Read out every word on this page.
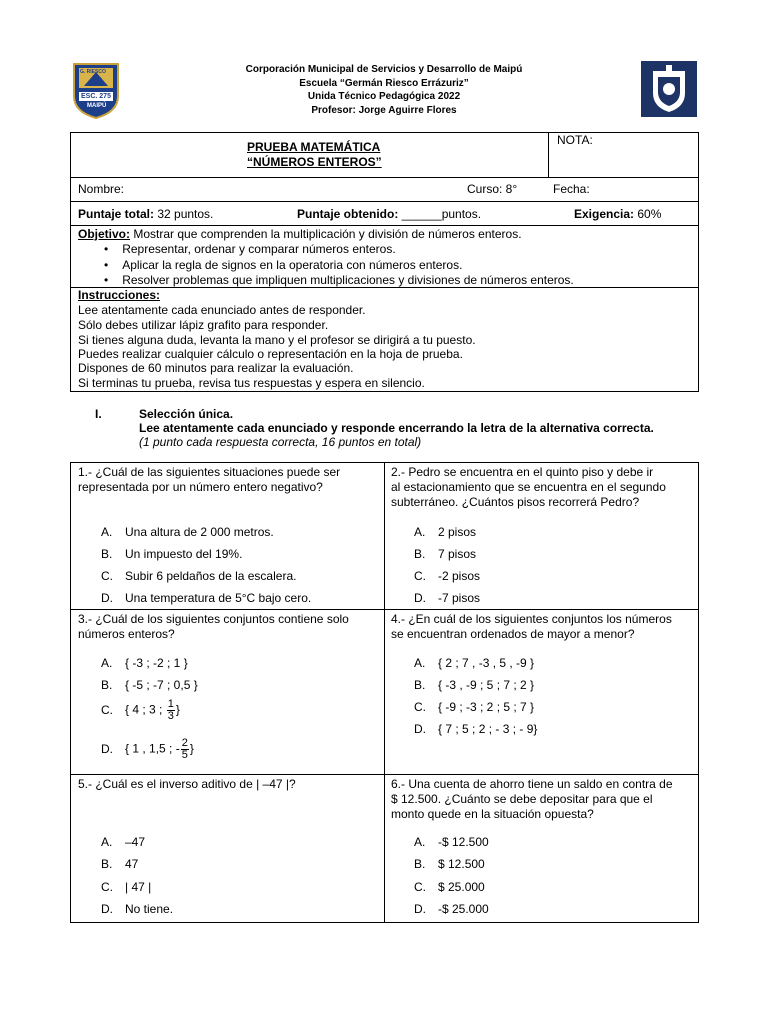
G. RIESCO
ESC. 275
MAIPÚ
Corporación Municipal de Servicios y Desarrollo de Maipú
Escuela “Germán Riesco Errázuriz”
Unida Técnico Pedagógica 2022
Profesor: Jorge Aguirre Flores
PRUEBA MATEMÁTICA
“NÚMEROS ENTEROS”
NOTA:
Nombre:	Curso: 8°	Fecha:
Puntaje total: 32 puntos.	Puntaje obtenido: ______puntos.	Exigencia: 60%
Objetivo: Mostrar que comprenden la multiplicación y división de números enteros.
• Representar, ordenar y comparar números enteros.
• Aplicar la regla de signos en la operatoria con números enteros.
• Resolver problemas que impliquen multiplicaciones y divisiones de números enteros.
Instrucciones:
Lee atentamente cada enunciado antes de responder.
Sólo debes utilizar lápiz grafito para responder.
Si tienes alguna duda, levanta la mano y el profesor se dirigirá a tu puesto.
Puedes realizar cualquier cálculo o representación en la hoja de prueba.
Dispones de 60 minutos para realizar la evaluación.
Si terminas tu prueba, revisa tus respuestas y espera en silencio.
I.	Selección única.
Lee atentamente cada enunciado y responde encerrando la letra de la alternativa correcta.
(1 punto cada respuesta correcta, 16 puntos en total)
1.- ¿Cuál de las siguientes situaciones puede ser
representada por un número entero negativo?
A. Una altura de 2 000 metros.
B. Un impuesto del 19%.
C. Subir 6 peldaños de la escalera.
D. Una temperatura de 5°C bajo cero.
2.- Pedro se encuentra en el quinto piso y debe ir
al estacionamiento que se encuentra en el segundo
subterráneo. ¿Cuántos pisos recorrerá Pedro?
A. 2 pisos
B. 7 pisos
C. -2 pisos
D. -7 pisos
3.- ¿Cuál de los siguientes conjuntos contiene solo
números enteros?
A. { -3 ; -2 ; 1 }
B. { -5 ; -7 ; 0,5 }
C. { 4 ; 3 ; $\frac{1}{3}$ }
D. { 1 , 1,5 ; - $\frac{2}{5}$ }
4.- ¿En cuál de los siguientes conjuntos los números
se encuentran ordenados de mayor a menor?
A. { 2 ; 7 , -3 , 5 , -9 }
B. { -3 , -9 ; 5 ; 7 ; 2 }
C. { -9 ; -3 ; 2 ; 5 ; 7 }
D. { 7 ; 5 ; 2 ; - 3 ; - 9}
5.- ¿Cuál es el inverso aditivo de | –47 |?
A. –47
B. 47
C. | 47 |
D. No tiene.
6.- Una cuenta de ahorro tiene un saldo en contra de
$ 12.500. ¿Cuánto se debe depositar para que el
monto quede en la situación opuesta?
A. -$ 12.500
B. $ 12.500
C. $ 25.000
D. -$ 25.000
